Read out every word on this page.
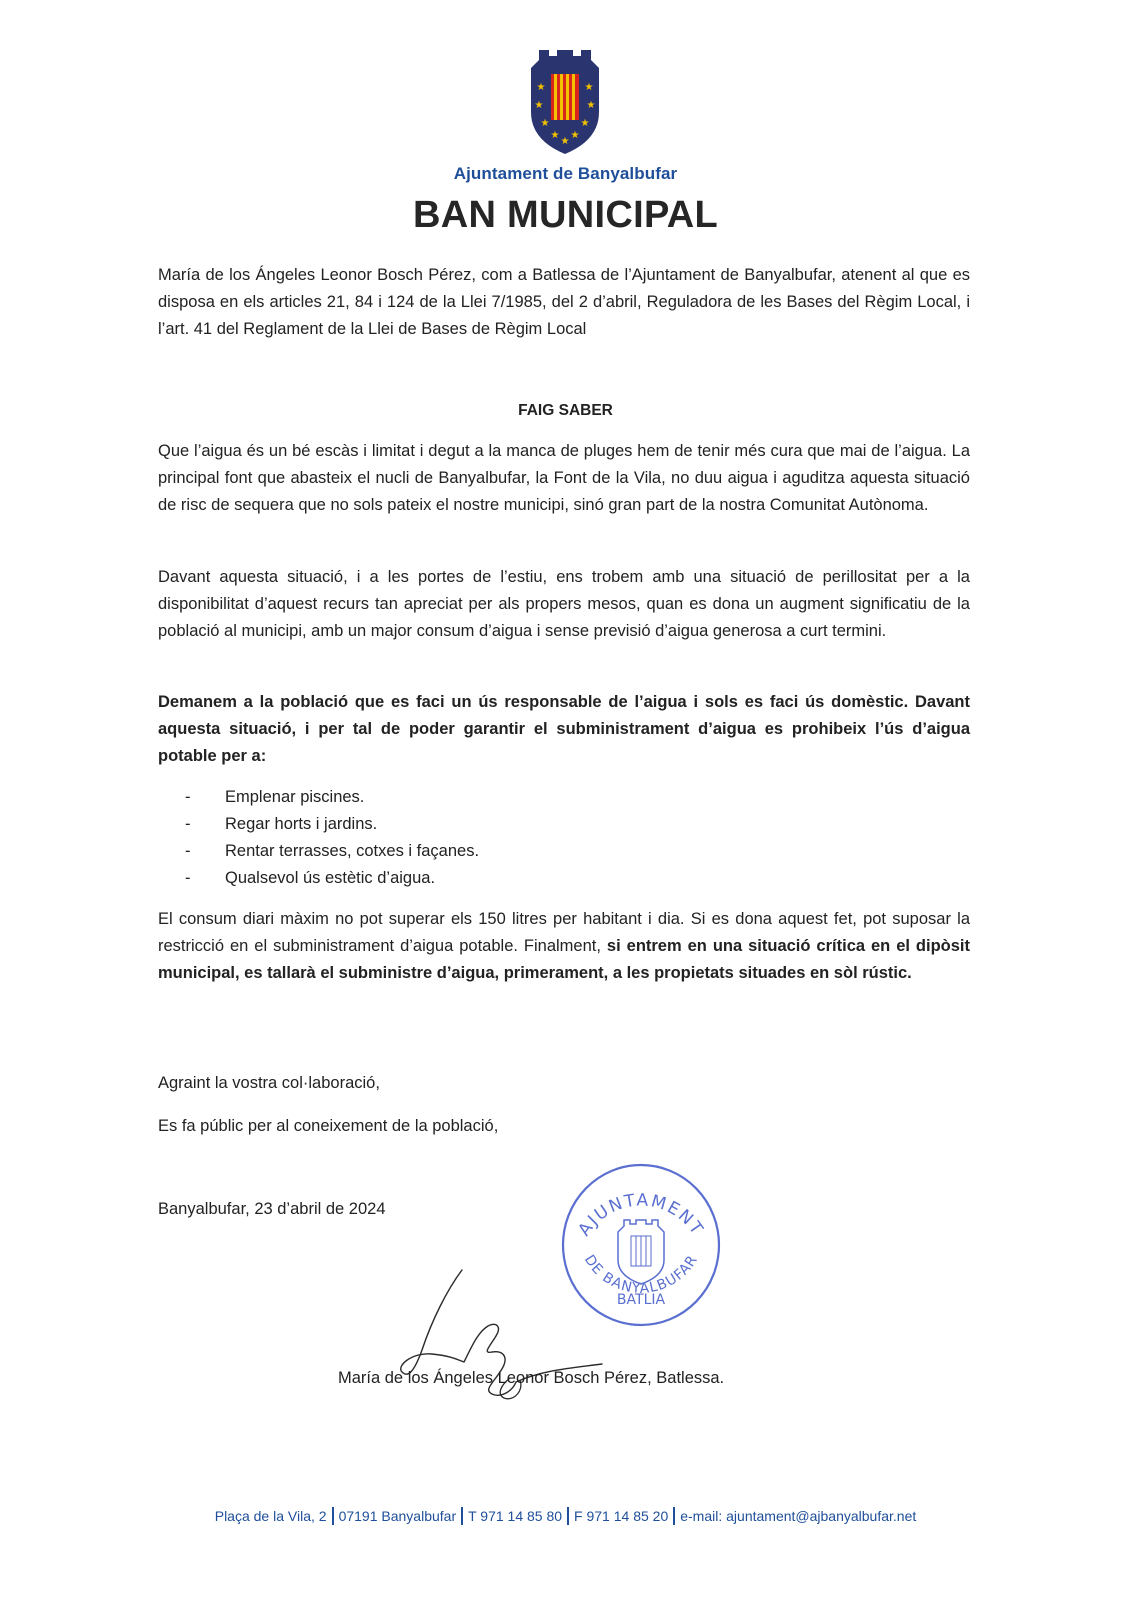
★	★
★	★
★	★
★ ★
★
Ajuntament de Banyalbufar
BAN MUNICIPAL
María de los Ángeles Leonor Bosch Pérez, com a Batlessa de l’Ajuntament de Banyalbufar, atenent al que es disposa en els articles 21, 84 i 124 de la Llei 7/1985, del 2 d’abril, Reguladora de les Bases del Règim Local, i l’art. 41 del Reglament de la Llei de Bases de Règim Local
FAIG SABER
Que l’aigua és un bé escàs i limitat i degut a la manca de pluges hem de tenir més cura que mai de l’aigua. La principal font que abasteix el nucli de Banyalbufar, la Font de la Vila, no duu aigua i aguditza aquesta situació de risc de sequera que no sols pateix el nostre municipi, sinó gran part de la nostra Comunitat Autònoma.
Davant aquesta situació, i a les portes de l’estiu, ens trobem amb una situació de perillositat per a la disponibilitat d’aquest recurs tan apreciat per als propers mesos, quan es dona un augment significatiu de la població al municipi, amb un major consum d’aigua i sense previsió d’aigua generosa a curt termini.
Demanem a la població que es faci un ús responsable de l’aigua i sols es faci ús domèstic. Davant aquesta situació, i per tal de poder garantir el subministrament d’aigua es prohibeix l’ús d’aigua potable per a:
- Emplenar piscines.
- Regar horts i jardins.
- Rentar terrasses, cotxes i façanes.
- Qualsevol ús estètic d’aigua.
El consum diari màxim no pot superar els 150 litres per habitant i dia. Si es dona aquest fet, pot suposar la restricció en el subministrament d’aigua potable. Finalment, si entrem en una situació crítica en el dipòsit municipal, es tallarà el subministre d’aigua, primerament, a les propietats situades en sòl rústic.
Agraint la vostra col·laboració,
Es fa públic per al coneixement de la població,
Banyalbufar, 23 d’abril de 2024
AJUNTAMENT
DE BANYALBUFAR
BATLIA
María de los Ángeles Leonor Bosch Pérez, Batlessa.
Plaça de la Vila, 2 07191 Banyalbufar T 971 14 85 80 F 971 14 85 20 e-mail: ajuntament@ajbanyalbufar.net
